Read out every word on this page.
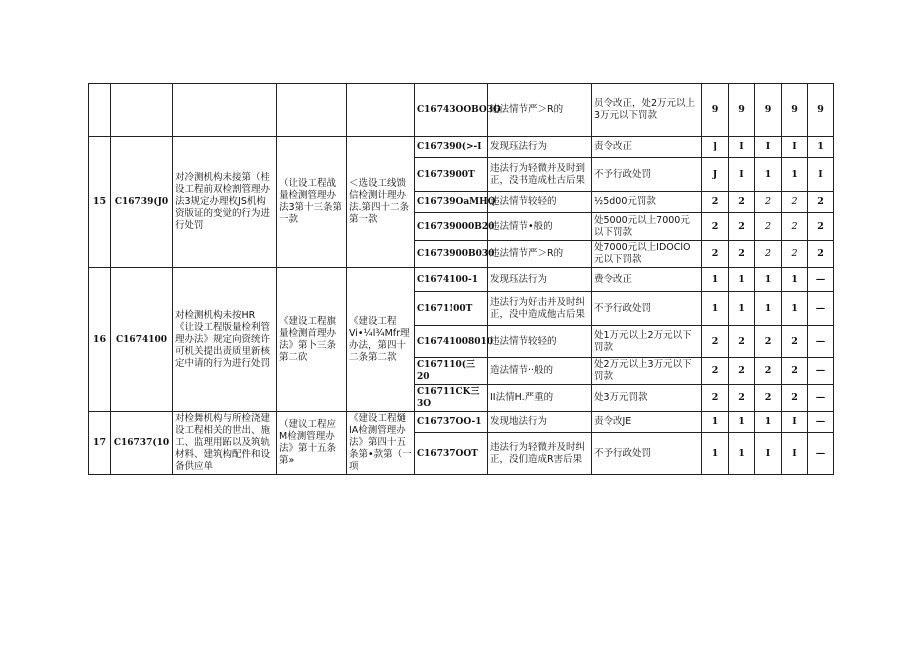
					C16743OOBO3O	违法情节严＞R的	员令改正，处2万元以上3万元以下罚款	9	9	9	9	9
15	C16739(J0	对冷测机构未接第（桂设工程前双检割管理办法3规定办理枚JS机构资版证的变觉的行为进行处罚	（让设工程战量检测管理办法3第十三条第一款	＜选设工线馈信检测计理办法.第四十二条第一款	C167390(>-I	发现珏法行为	责令改正	]	I	I	I	1
					C1673900T	违法行为轻微并及时到正，没书造成杜古后果	不予行政处罚	J	I	1	1	I
					C16739OaMHQ	违法情节较轻的	½5d00元罚款	2	2	2	2	2
					C16739000B20	违法情节•般的	处5000元以上7000元以下罚款	2	2	2	2	2
					C1673900B030	违法情节严＞R的	处7000元以上IDOClO元以下罚款	2	2	2	2	2
16	C1674100	对检测机构未按HR《让设工程版量检利管理办法》规定向资统许可机关提出责质里新核定中请的行为进行处罚	《建设工程旗量检测首理办法》第卜三条第二砍	《建设工程Vi•¼l¾Mfr理办法，第四十二条第二款	C1674100-1	发现珏法行为	费令改正	1	1	1	1	—
					C1671!00T	违法行为好击并及时纠正，没中造成他古后果	不予行政处罚	1	1	1	1	—
					C16741008010	违法情节较轻的	处1万元以上2万元以下罚款	2	2	2	2	—
					C167110(三20	造法情节··般的	处2万元以上3万元以下罚款	2	2	2	2	—
					C16711CK三3O	II法情H.严重的	处3万元罚款	2	2	2	2	—
17	C16737(10	对检舞机构与所检浇建设工程相关的世出、施工、监理用跖以及筑轨材料、建筑构配件和设备供应单	（建议工程应M检测管理办法》第十五条第»	《建设工程熥IA检测管理办法》第四十五条第•款第（一项	C16737OO-1	发现地法行为	责令改JE	1	1	1	I	—
					C16737OOT	违法行为轻微并及时纠正，没们造成R害后果	不予行政处罚	1	1	I	I	—
